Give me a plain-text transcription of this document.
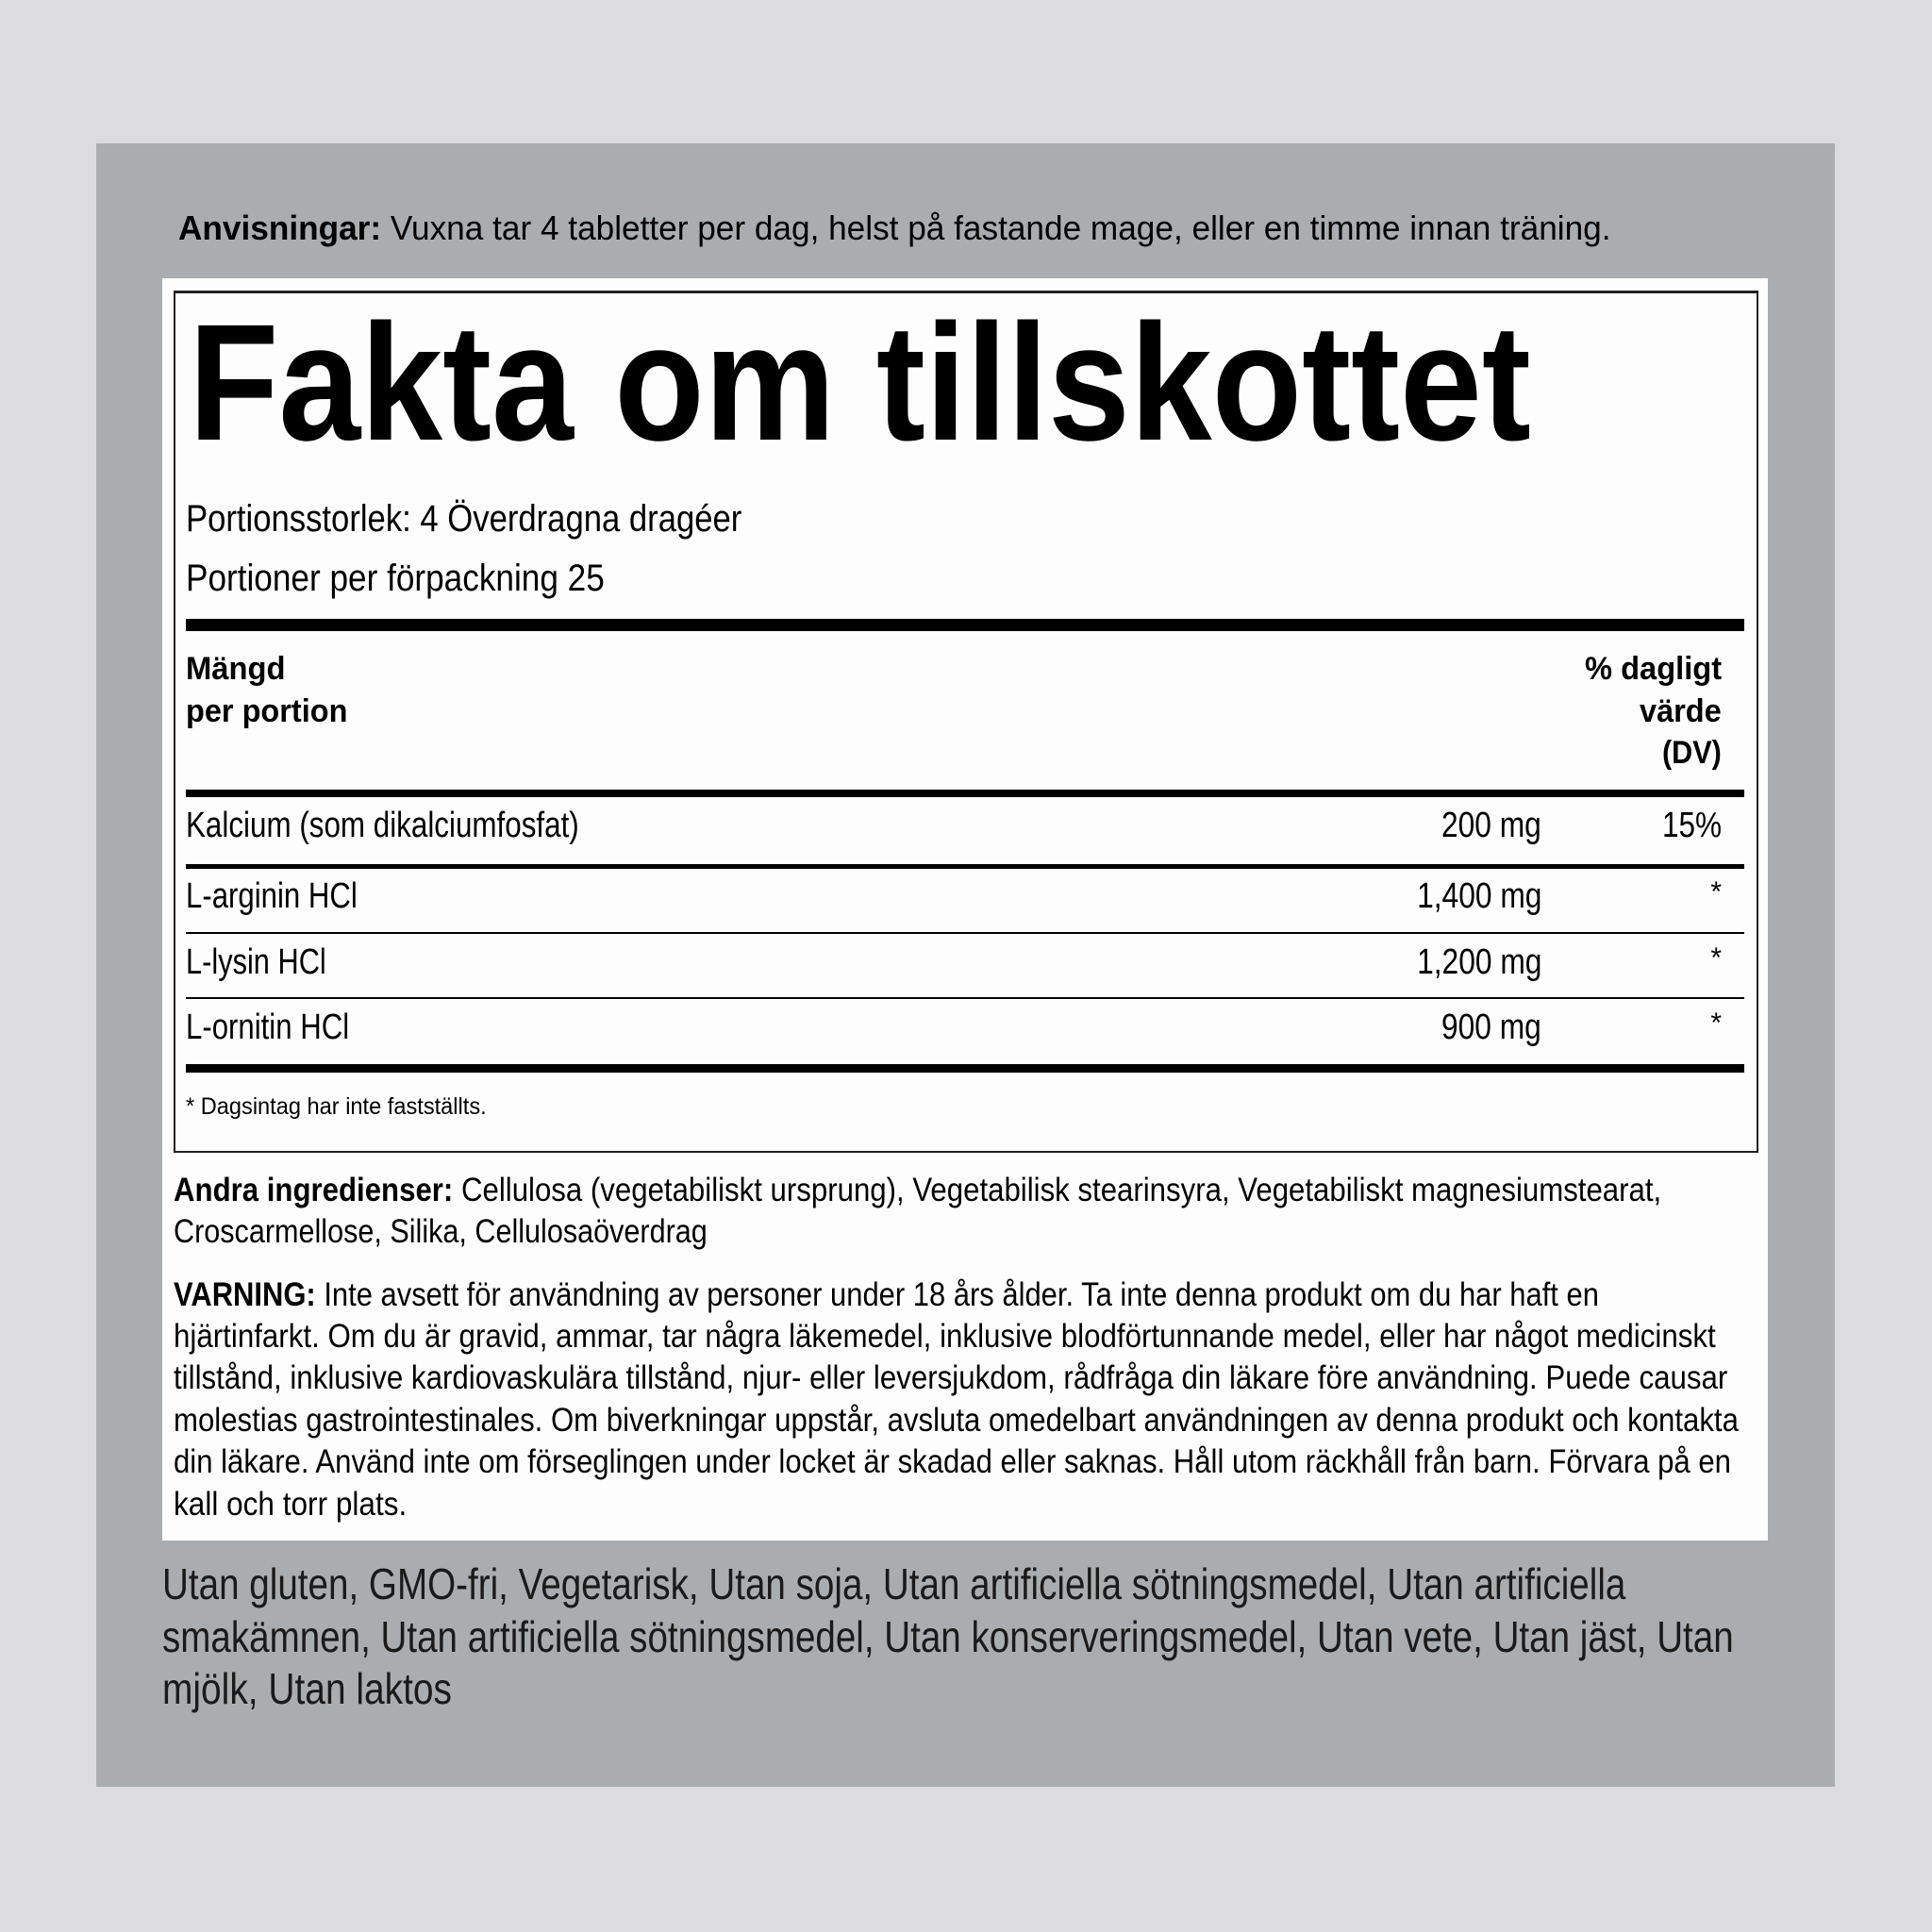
Anvisningar: Vuxna tar 4 tabletter per dag, helst på fastande mage, eller en timme innan träning.
Fakta om tillskottet
Portionsstorlek: 4 Överdragna dragéer
Portioner per förpackning 25
Mängd
per portion
% dagligt
värde
(DV)
Kalcium (som dikalciumfosfat)	200 mg	15%
L-arginin HCl	1,400 mg	*
L-lysin HCl	1,200 mg	*
L-ornitin HCl	900 mg	*
* Dagsintag har inte fastställts.
Andra ingredienser: Cellulosa (vegetabiliskt ursprung), Vegetabilisk stearinsyra, Vegetabiliskt magnesiumstearat,
Croscarmellose, Silika, Cellulosaöverdrag
VARNING: Inte avsett för användning av personer under 18 års ålder. Ta inte denna produkt om du har haft en
hjärtinfarkt. Om du är gravid, ammar, tar några läkemedel, inklusive blodförtunnande medel, eller har något medicinskt
tillstånd, inklusive kardiovaskulära tillstånd, njur- eller leversjukdom, rådfråga din läkare före användning. Puede causar
molestias gastrointestinales. Om biverkningar uppstår, avsluta omedelbart användningen av denna produkt och kontakta
din läkare. Använd inte om förseglingen under locket är skadad eller saknas. Håll utom räckhåll från barn. Förvara på en
kall och torr plats.
Utan gluten, GMO-fri, Vegetarisk, Utan soja, Utan artificiella sötningsmedel, Utan artificiella
smakämnen, Utan artificiella sötningsmedel, Utan konserveringsmedel, Utan vete, Utan jäst, Utan
mjölk, Utan laktos
